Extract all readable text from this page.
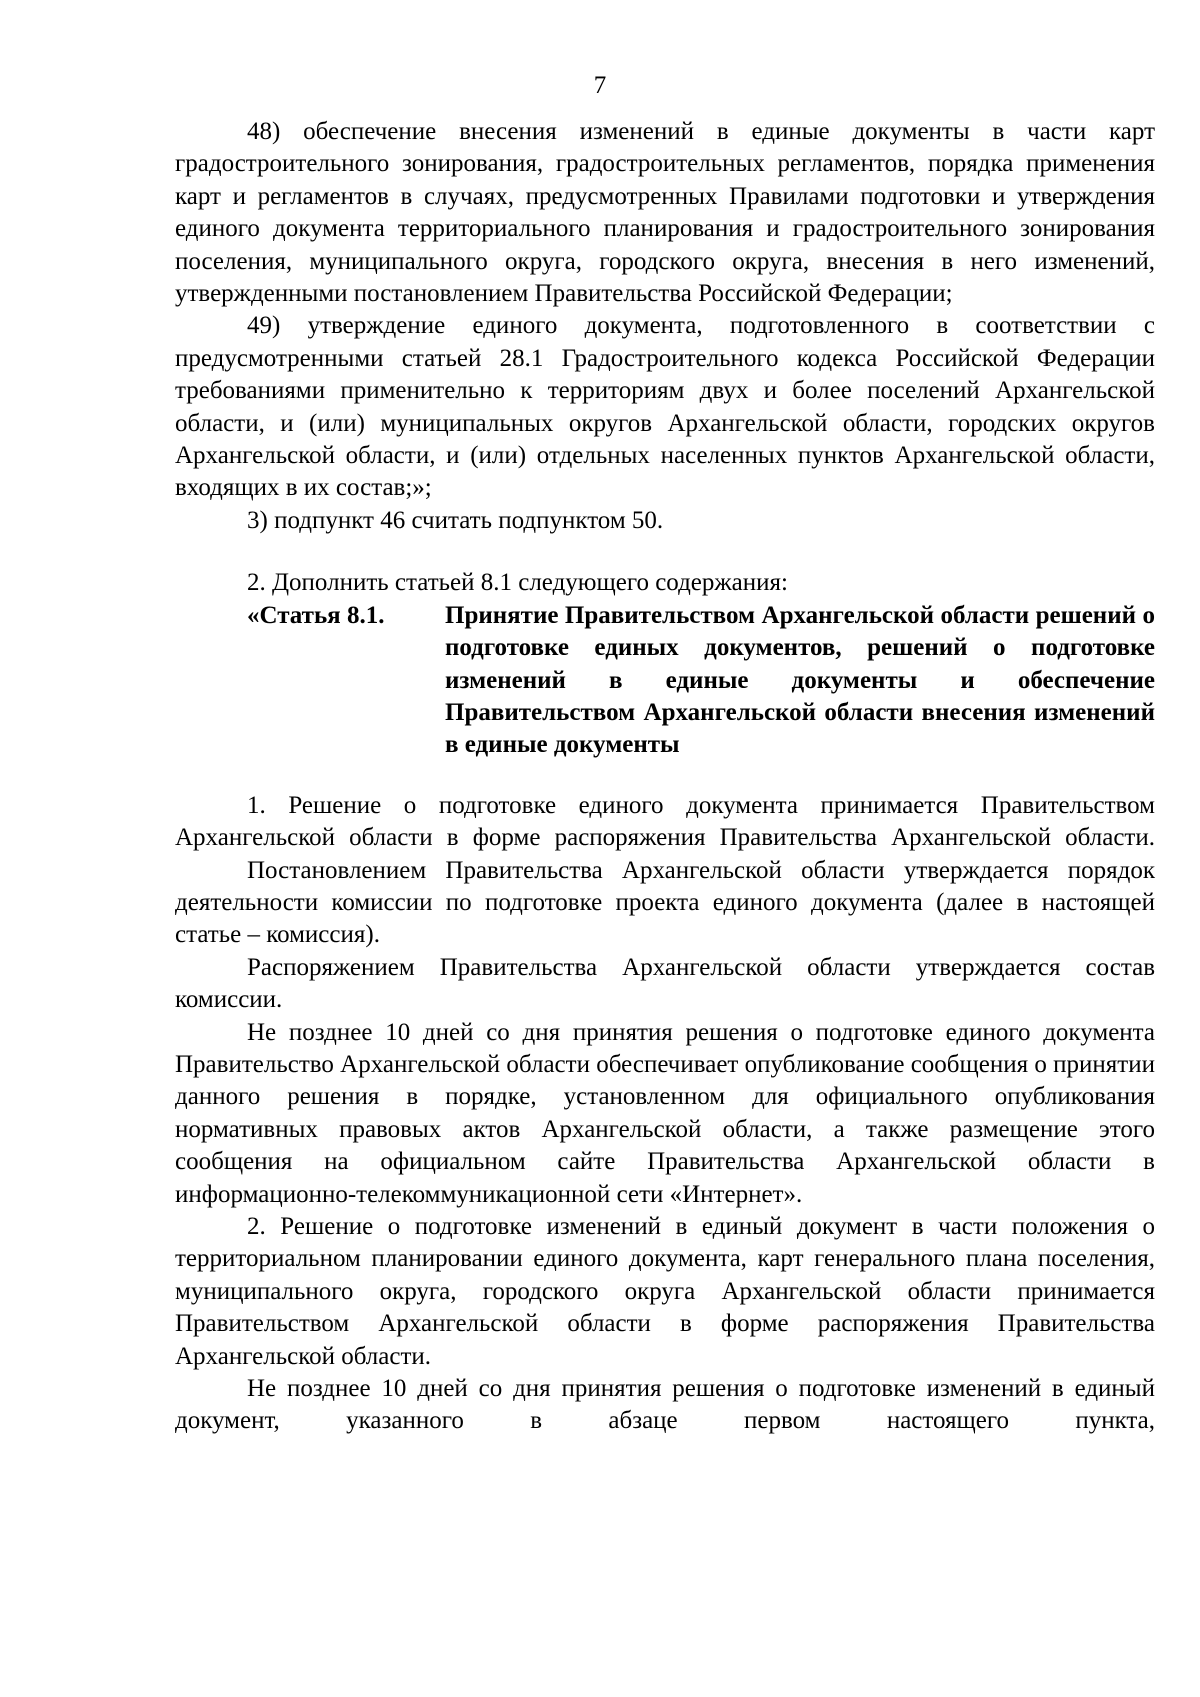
7

48) обеспечение внесения изменений в единые документы в части карт градостроительного зонирования, градостроительных регламентов, порядка применения карт и регламентов в случаях, предусмотренных Правилами подготовки и утверждения единого документа территориального планирования и градостроительного зонирования поселения, муниципального округа, городского округа, внесения в него изменений, утвержденными постановлением Правительства Российской Федерации;

49) утверждение единого документа, подготовленного в соответствии с предусмотренными статьей 28.1 Градостроительного кодекса Российской Федерации требованиями применительно к территориям двух и более поселений Архангельской области, и (или) муниципальных округов Архангельской области, городских округов Архангельской области, и (или) отдельных населенных пунктов Архангельской области, входящих в их состав;»;

3) подпункт 46 считать подпунктом 50.

2. Дополнить статьей 8.1 следующего содержания:

«Статья 8.1.	Принятие Правительством Архангельской области решений о подготовке единых документов, решений о подготовке изменений в единые документы и обеспечение Правительством Архангельской области внесения изменений в единые документы

1. Решение о подготовке единого документа принимается Правительством Архангельской области в форме распоряжения Правительства Архангельской области.

Постановлением Правительства Архангельской области утверждается порядок деятельности комиссии по подготовке проекта единого документа (далее в настоящей статье – комиссия).

Распоряжением Правительства Архангельской области утверждается состав комиссии.

Не позднее 10 дней со дня принятия решения о подготовке единого документа Правительство Архангельской области обеспечивает опубликование сообщения о принятии данного решения в порядке, установленном для официального опубликования нормативных правовых актов Архангельской области, а также размещение этого сообщения на официальном сайте Правительства Архангельской области в информационно-телекоммуникационной сети «Интернет».

2. Решение о подготовке изменений в единый документ в части положения о территориальном планировании единого документа, карт генерального плана поселения, муниципального округа, городского округа Архангельской области принимается Правительством Архангельской области в форме распоряжения Правительства Архангельской области.

Не позднее 10 дней со дня принятия решения о подготовке изменений в единый документ, указанного в абзаце первом настоящего пункта,
